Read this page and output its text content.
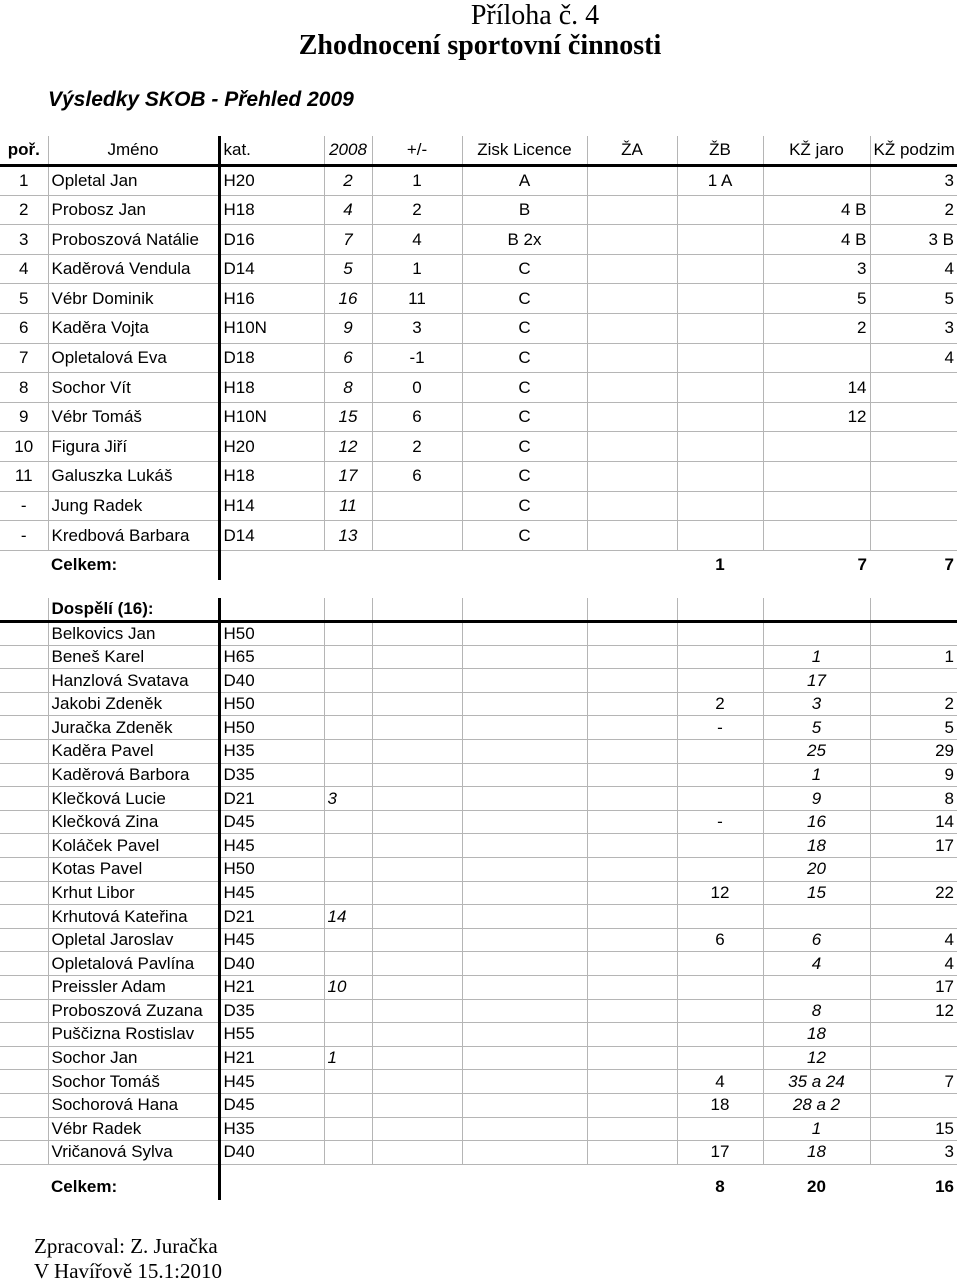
Příloha č. 4
Zhodnocení sportovní činnosti
Výsledky SKOB - Přehled 2009
poř.	Jméno	kat.	2008	+/-	Zisk Licence	ŽA	ŽB	KŽ jaro	KŽ podzim
1	Opletal Jan	H20	2	1	A		1 A		3
2	Probosz Jan	H18	4	2	B			4 B	2
3	Proboszová Natálie	D16	7	4	B 2x			4 B	3 B
4	Kaděrová Vendula	D14	5	1	C			3	4
5	Vébr Dominik	H16	16	11	C			5	5
6	Kaděra Vojta	H10N	9	3	C			2	3
7	Opletalová Eva	D18	6	-1	C				4
8	Sochor Vít	H18	8	0	C			14	
9	Vébr Tomáš	H10N	15	6	C			12	
10	Figura Jiří	H20	12	2	C				
11	Galuszka Lukáš	H18	17	6	C				
-	Jung Radek	H14	11		C				
-	Kredbová Barbara	D14	13		C				
	Celkem:						1	7	7
	Dospělí (16):								
	Belkovics Jan	H50							
	Beneš Karel	H65						1	1
	Hanzlová Svatava	D40						17	
	Jakobi Zdeněk	H50					2	3	2
	Juračka Zdeněk	H50					-	5	5
	Kaděra Pavel	H35						25	29
	Kaděrová Barbora	D35						1	9
	Klečková Lucie	D21	3					9	8
	Klečková Zina	D45					-	16	14
	Koláček Pavel	H45						18	17
	Kotas Pavel	H50						20	
	Krhut Libor	H45					12	15	22
	Krhutová Kateřina	D21	14						
	Opletal Jaroslav	H45					6	6	4
	Opletalová Pavlína	D40						4	4
	Preissler Adam	H21	10						17
	Proboszová Zuzana	D35						8	12
	Puščizna Rostislav	H55						18	
	Sochor Jan	H21	1					12	
	Sochor Tomáš	H45					4	35 a 24	7
	Sochorová Hana	D45					18	28 a 2	
	Vébr Radek	H35						1	15
	Vričanová Sylva	D40					17	18	3

	Celkem:						8	20	16
Zpracoval: Z. Juračka
V Havířově 15.1:2010
